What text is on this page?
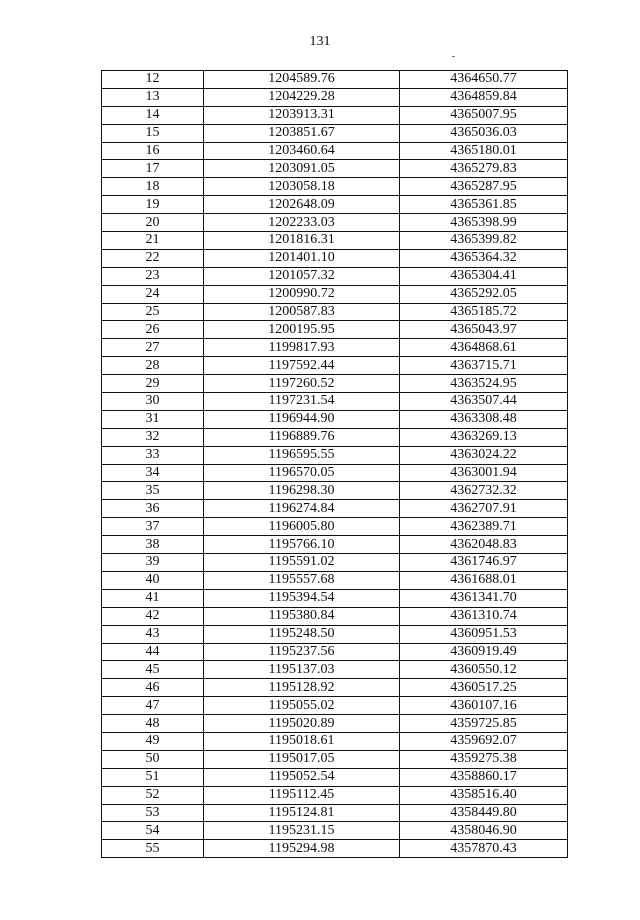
131
12	1204589.76	4364650.77
13	1204229.28	4364859.84
14	1203913.31	4365007.95
15	1203851.67	4365036.03
16	1203460.64	4365180.01
17	1203091.05	4365279.83
18	1203058.18	4365287.95
19	1202648.09	4365361.85
20	1202233.03	4365398.99
21	1201816.31	4365399.82
22	1201401.10	4365364.32
23	1201057.32	4365304.41
24	1200990.72	4365292.05
25	1200587.83	4365185.72
26	1200195.95	4365043.97
27	1199817.93	4364868.61
28	1197592.44	4363715.71
29	1197260.52	4363524.95
30	1197231.54	4363507.44
31	1196944.90	4363308.48
32	1196889.76	4363269.13
33	1196595.55	4363024.22
34	1196570.05	4363001.94
35	1196298.30	4362732.32
36	1196274.84	4362707.91
37	1196005.80	4362389.71
38	1195766.10	4362048.83
39	1195591.02	4361746.97
40	1195557.68	4361688.01
41	1195394.54	4361341.70
42	1195380.84	4361310.74
43	1195248.50	4360951.53
44	1195237.56	4360919.49
45	1195137.03	4360550.12
46	1195128.92	4360517.25
47	1195055.02	4360107.16
48	1195020.89	4359725.85
49	1195018.61	4359692.07
50	1195017.05	4359275.38
51	1195052.54	4358860.17
52	1195112.45	4358516.40
53	1195124.81	4358449.80
54	1195231.15	4358046.90
55	1195294.98	4357870.43
